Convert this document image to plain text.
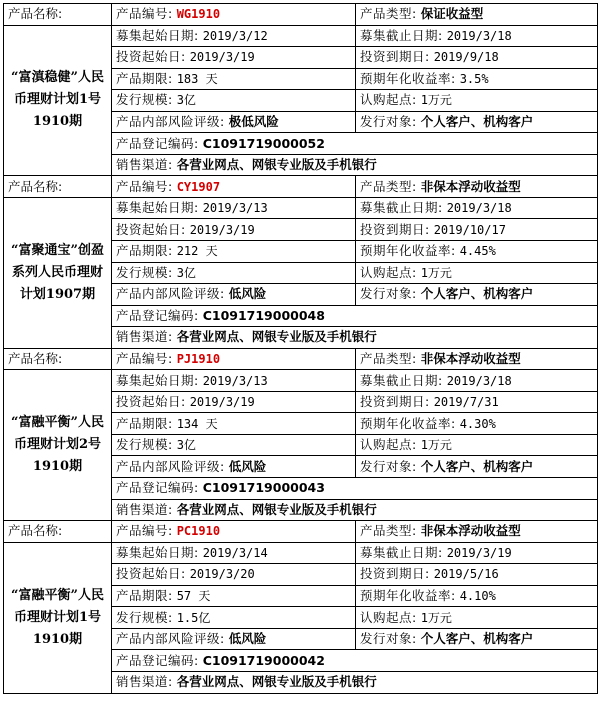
产品名称:	产品编号: WG1910	产品类型: 保证收益型
“富滇稳健”人民币理财计划1号1910期	募集起始日期: 2019/3/12	募集截止日期: 2019/3/18
	投资起始日: 2019/3/19	投资到期日: 2019/9/18
	产品期限: 183 天	预期年化收益率: 3.5%
	发行规模: 3亿	认购起点: 1万元
	产品内部风险评级: 极低风险	发行对象: 个人客户、机构客户
	产品登记编码: C1091719000052	
	销售渠道: 各营业网点、网银专业版及手机银行	
产品名称:	产品编号: CY1907	产品类型: 非保本浮动收益型
“富聚通宝”创盈系列人民币理财计划1907期	募集起始日期: 2019/3/13	募集截止日期: 2019/3/18
	投资起始日: 2019/3/19	投资到期日: 2019/10/17
	产品期限: 212 天	预期年化收益率: 4.45%
	发行规模: 3亿	认购起点: 1万元
	产品内部风险评级: 低风险	发行对象: 个人客户、机构客户
	产品登记编码: C1091719000048	
	销售渠道: 各营业网点、网银专业版及手机银行	
产品名称:	产品编号: PJ1910	产品类型: 非保本浮动收益型
“富融平衡”人民币理财计划2号1910期	募集起始日期: 2019/3/13	募集截止日期: 2019/3/18
	投资起始日: 2019/3/19	投资到期日: 2019/7/31
	产品期限: 134 天	预期年化收益率: 4.30%
	发行规模: 3亿	认购起点: 1万元
	产品内部风险评级: 低风险	发行对象: 个人客户、机构客户
	产品登记编码: C1091719000043	
	销售渠道: 各营业网点、网银专业版及手机银行	
产品名称:	产品编号: PC1910	产品类型: 非保本浮动收益型
“富融平衡”人民币理财计划1号1910期	募集起始日期: 2019/3/14	募集截止日期: 2019/3/19
	投资起始日: 2019/3/20	投资到期日: 2019/5/16
	产品期限: 57 天	预期年化收益率: 4.10%
	发行规模: 1.5亿	认购起点: 1万元
	产品内部风险评级: 低风险	发行对象: 个人客户、机构客户
	产品登记编码: C1091719000042	
	销售渠道: 各营业网点、网银专业版及手机银行	
